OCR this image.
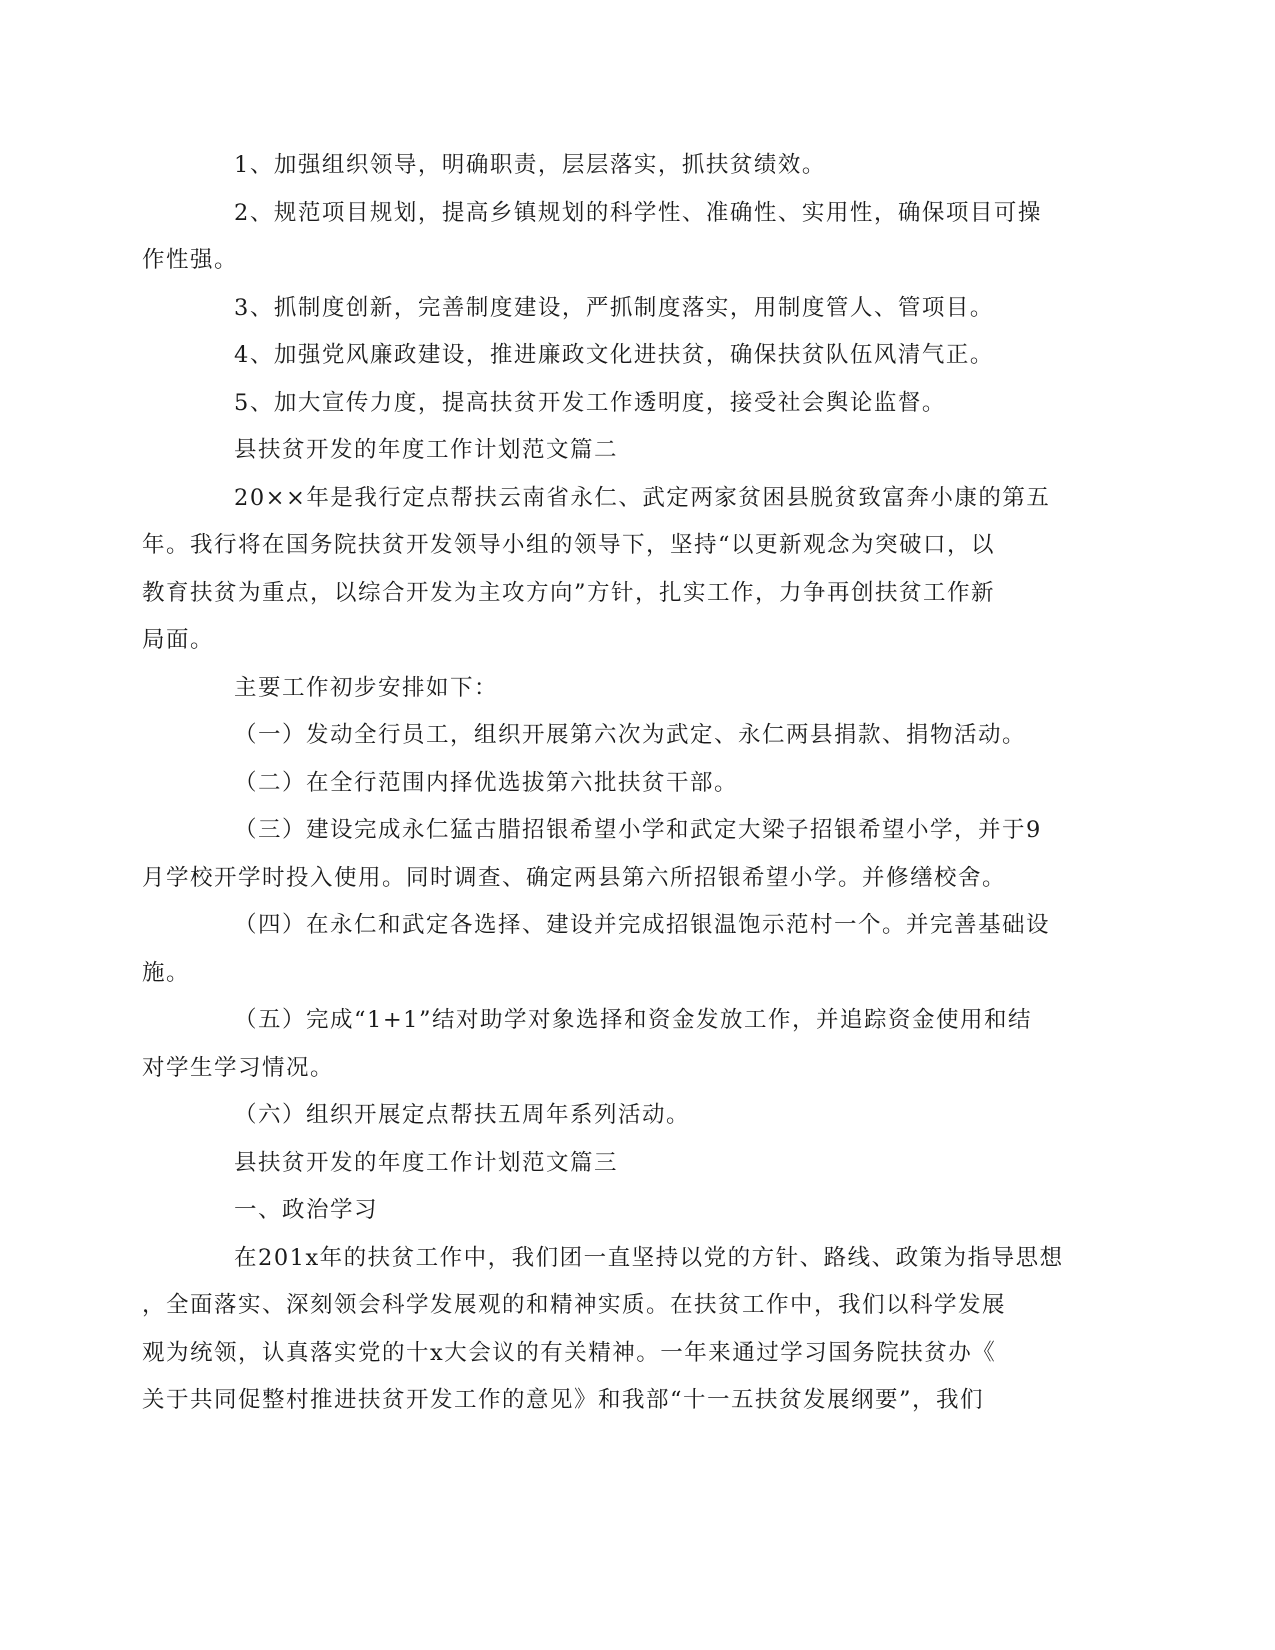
1、加强组织领导，明确职责，层层落实，抓扶贫绩效。

2、规范项目规划，提高乡镇规划的科学性、准确性、实用性，确保项目可操
作性强。

3、抓制度创新，完善制度建设，严抓制度落实，用制度管人、管项目。

4、加强党风廉政建设，推进廉政文化进扶贫，确保扶贫队伍风清气正。

5、加大宣传力度，提高扶贫开发工作透明度，接受社会舆论监督。

县扶贫开发的年度工作计划范文篇二

20××年是我行定点帮扶云南省永仁、武定两家贫困县脱贫致富奔小康的第五
年。我行将在国务院扶贫开发领导小组的领导下，坚持“以更新观念为突破口，以
教育扶贫为重点，以综合开发为主攻方向”方针，扎实工作，力争再创扶贫工作新
局面。

主要工作初步安排如下：

（一）发动全行员工，组织开展第六次为武定、永仁两县捐款、捐物活动。

（二）在全行范围内择优选拔第六批扶贫干部。

（三）建设完成永仁猛古腊招银希望小学和武定大梁子招银希望小学，并于9
月学校开学时投入使用。同时调查、确定两县第六所招银希望小学。并修缮校舍。

（四）在永仁和武定各选择、建设并完成招银温饱示范村一个。并完善基础设
施。

（五）完成“1+1”结对助学对象选择和资金发放工作，并追踪资金使用和结
对学生学习情况。

（六）组织开展定点帮扶五周年系列活动。

县扶贫开发的年度工作计划范文篇三

一、政治学习

在201x年的扶贫工作中，我们团一直坚持以党的方针、路线、政策为指导思想
，全面落实、深刻领会科学发展观的和精神实质。在扶贫工作中，我们以科学发展
观为统领，认真落实党的十x大会议的有关精神。一年来通过学习国务院扶贫办《
关于共同促整村推进扶贫开发工作的意见》和我部“十一五扶贫发展纲要”，我们
